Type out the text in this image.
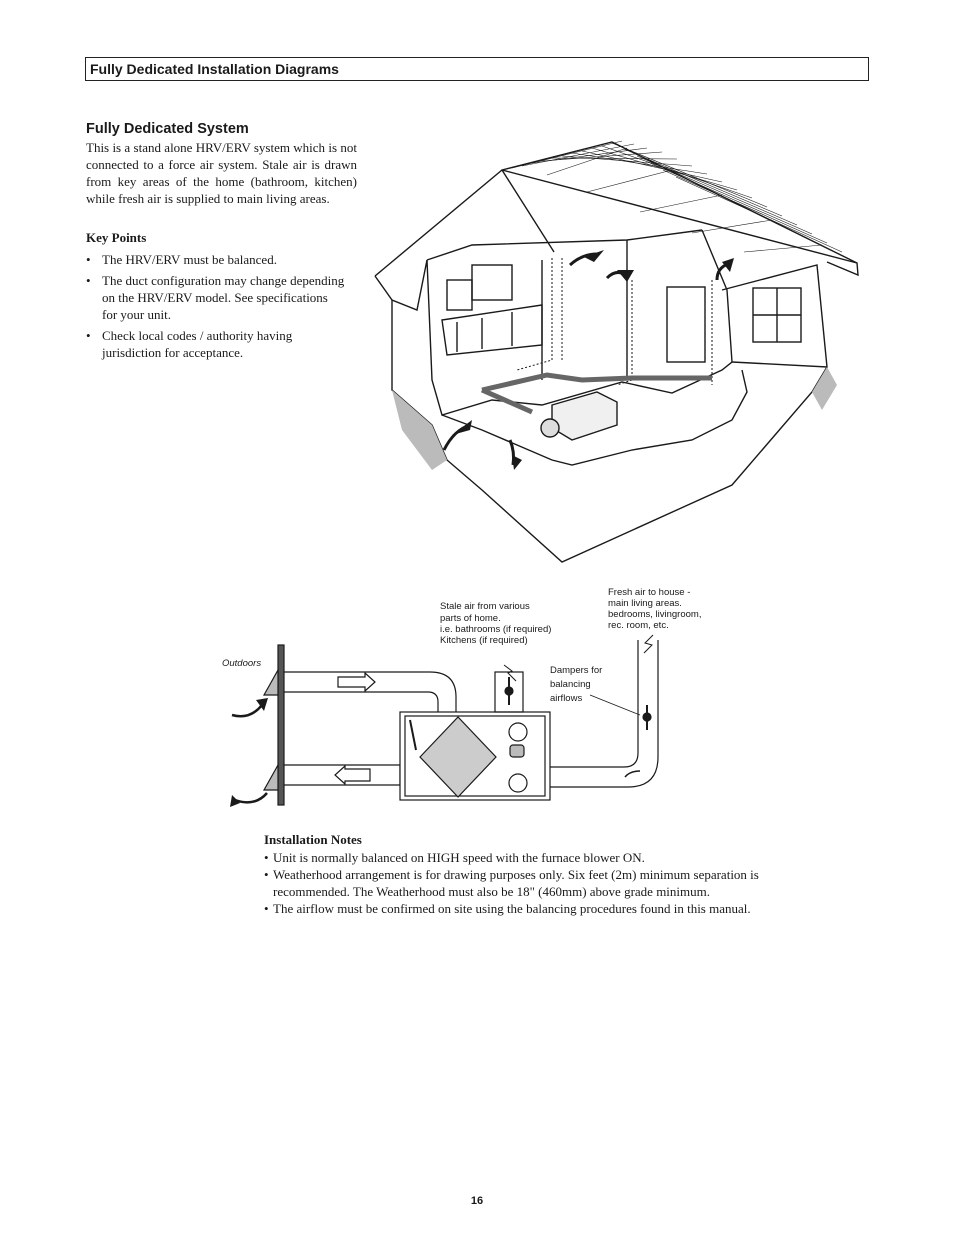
Fully Dedicated Installation Diagrams
Fully Dedicated System

This is a stand alone HRV/ERV system which is not connected to a force air system. Stale air is drawn from key areas of the home (bathroom, kitchen) while fresh air is supplied to main living areas.

Key Points
• The HRV/ERV must be balanced.
• The duct configuration may change depending on the HRV/ERV model. See specifications for your unit.
• Check local codes / authority having jurisdiction for acceptance.
Outdoors
Stale air from various parts of home. i.e. bathrooms (if required) Kitchens (if required)
Fresh air to house - main living areas. bedrooms, livingroom, rec. room, etc.
Dampers for balancing airflows
Installation Notes
• Unit is normally balanced on HIGH speed with the furnace blower ON.
• Weatherhood arrangement is for drawing purposes only. Six feet (2m) minimum separation is recommended. The Weatherhood must also be 18" (460mm) above grade minimum.
• The airflow must be confirmed on site using the balancing procedures found in this manual.
16
